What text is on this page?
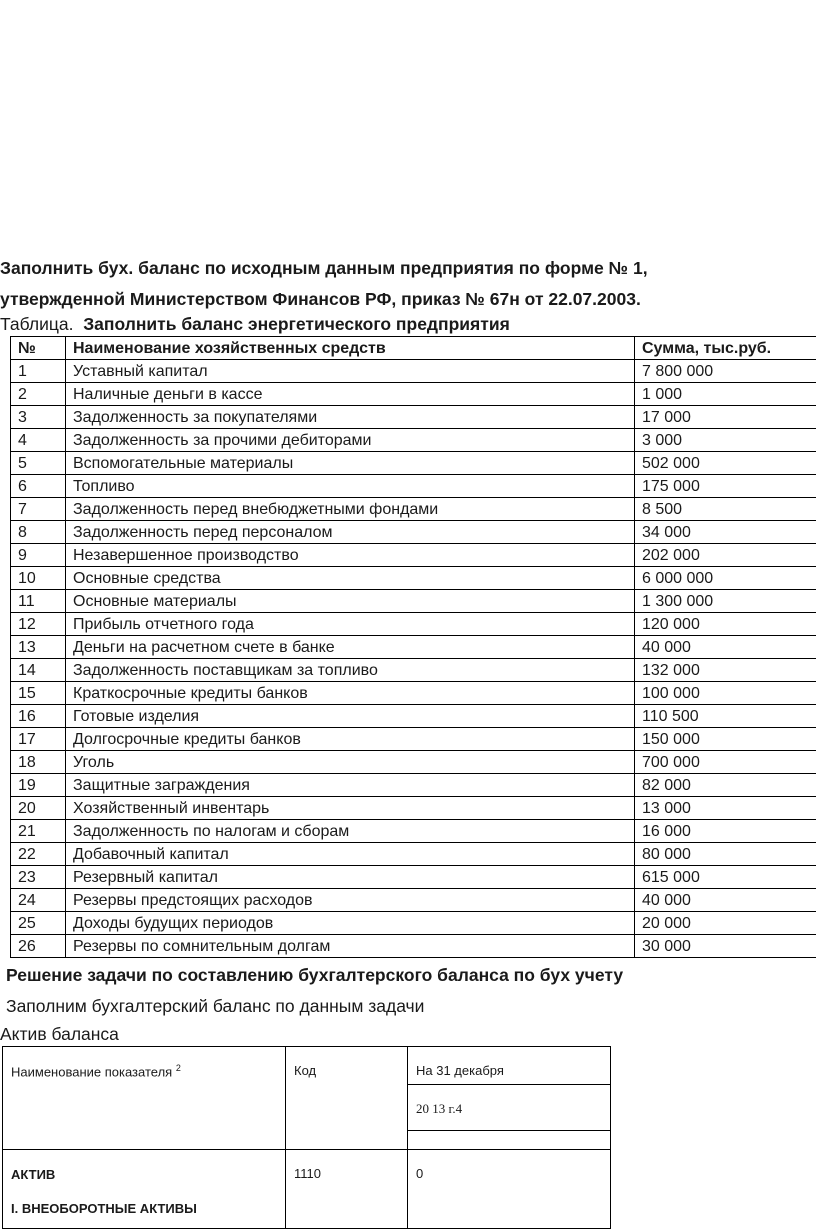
Заполнить бух. баланс по исходным данным предприятия по форме № 1,
утвержденной Министерством Финансов РФ, приказ № 67н от 22.07.2003.
Таблица. Заполнить баланс энергетического предприятия
№	Наименование хозяйственных средств	Сумма, тыс.руб.
1	Уставный капитал	7 800 000
2	Наличные деньги в кассе	1 000
3	Задолженность за покупателями	17 000
4	Задолженность за прочими дебиторами	3 000
5	Вспомогательные материалы	502 000
6	Топливо	175 000
7	Задолженность перед внебюджетными фондами	8 500
8	Задолженность перед персоналом	34 000
9	Незавершенное производство	202 000
10	Основные средства	6 000 000
11	Основные материалы	1 300 000
12	Прибыль отчетного года	120 000
13	Деньги на расчетном счете в банке	40 000
14	Задолженность поставщикам за топливо	132 000
15	Краткосрочные кредиты банков	100 000
16	Готовые изделия	110 500
17	Долгосрочные кредиты банков	150 000
18	Уголь	700 000
19	Защитные заграждения	82 000
20	Хозяйственный инвентарь	13 000
21	Задолженность по налогам и сборам	16 000
22	Добавочный капитал	80 000
23	Резервный капитал	615 000
24	Резервы предстоящих расходов	40 000
25	Доходы будущих периодов	20 000
26	Резервы по сомнительным долгам	30 000
Решение задачи по составлению бухгалтерского баланса по бух учету
Заполним бухгалтерский баланс по данным задачи
Актив баланса
Наименование показателя $^2$	Код	На 31 декабря
		20 13 г.4

АКТИВ
I. ВНЕОБОРОТНЫЕ АКТИВЫ	1110	0
